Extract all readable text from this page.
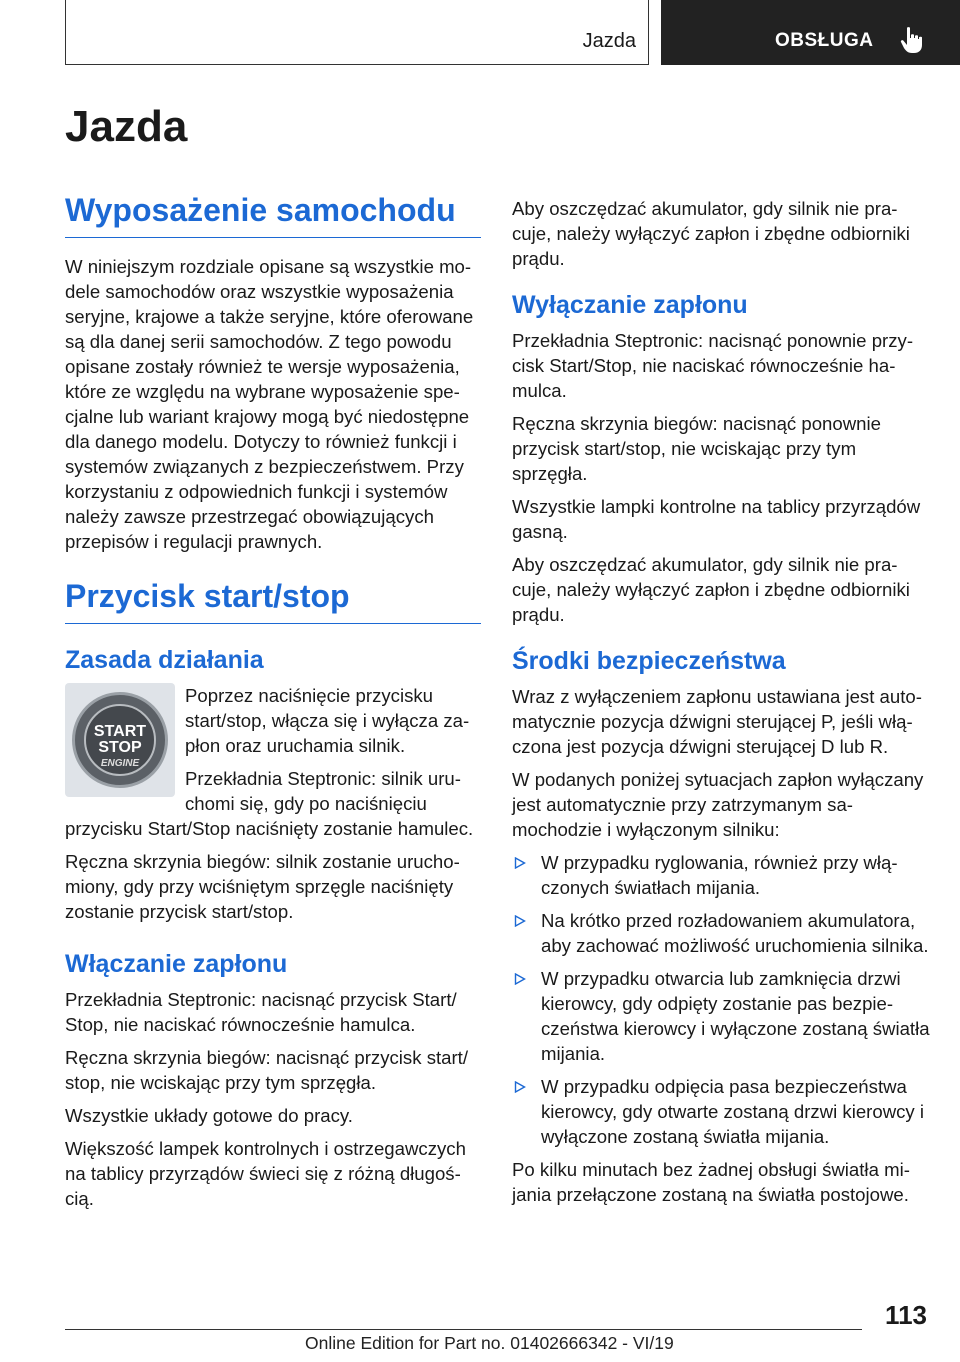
Jazda	OBSŁUGA
Jazda
Wyposażenie samochodu

W niniejszym rozdziale opisane są wszystkie modele samochodów oraz wszystkie wyposażenia seryjne, krajowe a także seryjne, które oferowane są dla danej serii samochodów. Z tego powodu opisane zostały również te wersje wyposażenia, które ze względu na wybrane wyposażenie specjalne lub wariant krajowy mogą być niedostępne dla danego modelu. Dotyczy to również funkcji i systemów związanych z bezpieczeństwem. Przy korzystaniu z odpowiednich funkcji i systemów należy zawsze przestrzegać obowiązujących przepisów i regulacji prawnych.

Przycisk start/stop
Zasada działania
START
STOP
ENGINE

Poprzez naciśnięcie przycisku start/stop, włącza się i wyłącza zapłon oraz uruchamia silnik.

Przekładnia Steptronic: silnik uruchomi się, gdy po naciśnięciu przycisku Start/Stop naciśnięty zostanie hamulec.

Ręczna skrzynia biegów: silnik zostanie uruchomiony, gdy przy wciśniętym sprzęgle naciśnięty zostanie przycisk start/stop.

Włączanie zapłonu

Przekładnia Steptronic: nacisnąć przycisk Start/ Stop, nie naciskać równocześnie hamulca.

Ręczna skrzynia biegów: nacisnąć przycisk start/ stop, nie wciskając przy tym sprzęgła.

Wszystkie układy gotowe do pracy.

Większość lampek kontrolnych i ostrzegawczych na tablicy przyrządów świeci się z różną długością.

Aby oszczędzać akumulator, gdy silnik nie pracuje, należy wyłączyć zapłon i zbędne odbiorniki prądu.

Wyłączanie zapłonu

Przekładnia Steptronic: nacisnąć ponownie przycisk Start/Stop, nie naciskać równocześnie hamulca.

Ręczna skrzynia biegów: nacisnąć ponownie przycisk start/stop, nie wciskając przy tym sprzęgła.

Wszystkie lampki kontrolne na tablicy przyrządów gasną.

Aby oszczędzać akumulator, gdy silnik nie pracuje, należy wyłączyć zapłon i zbędne odbiorniki prądu.

Środki bezpieczeństwa

Wraz z wyłączeniem zapłonu ustawiana jest automatycznie pozycja dźwigni sterującej P, jeśli włączona jest pozycja dźwigni sterującej D lub R.

W podanych poniżej sytuacjach zapłon wyłączany jest automatycznie przy zatrzymanym samochodzie i wyłączonym silniku:

W przypadku ryglowania, również przy włączonych światłach mijania.
Na krótko przed rozładowaniem akumulatora, aby zachować możliwość uruchomienia silnika.
W przypadku otwarcia lub zamknięcia drzwi kierowcy, gdy odpięty zostanie pas bezpieczeństwa kierowcy i wyłączone zostaną światła mijania.
W przypadku odpięcia pasa bezpieczeństwa kierowcy, gdy otwarte zostaną drzwi kierowcy i wyłączone zostaną światła mijania.

Po kilku minutach bez żadnej obsługi światła mijania przełączone zostaną na światła postojowe.

113
Online Edition for Part no. 01402666342 - VI/19
